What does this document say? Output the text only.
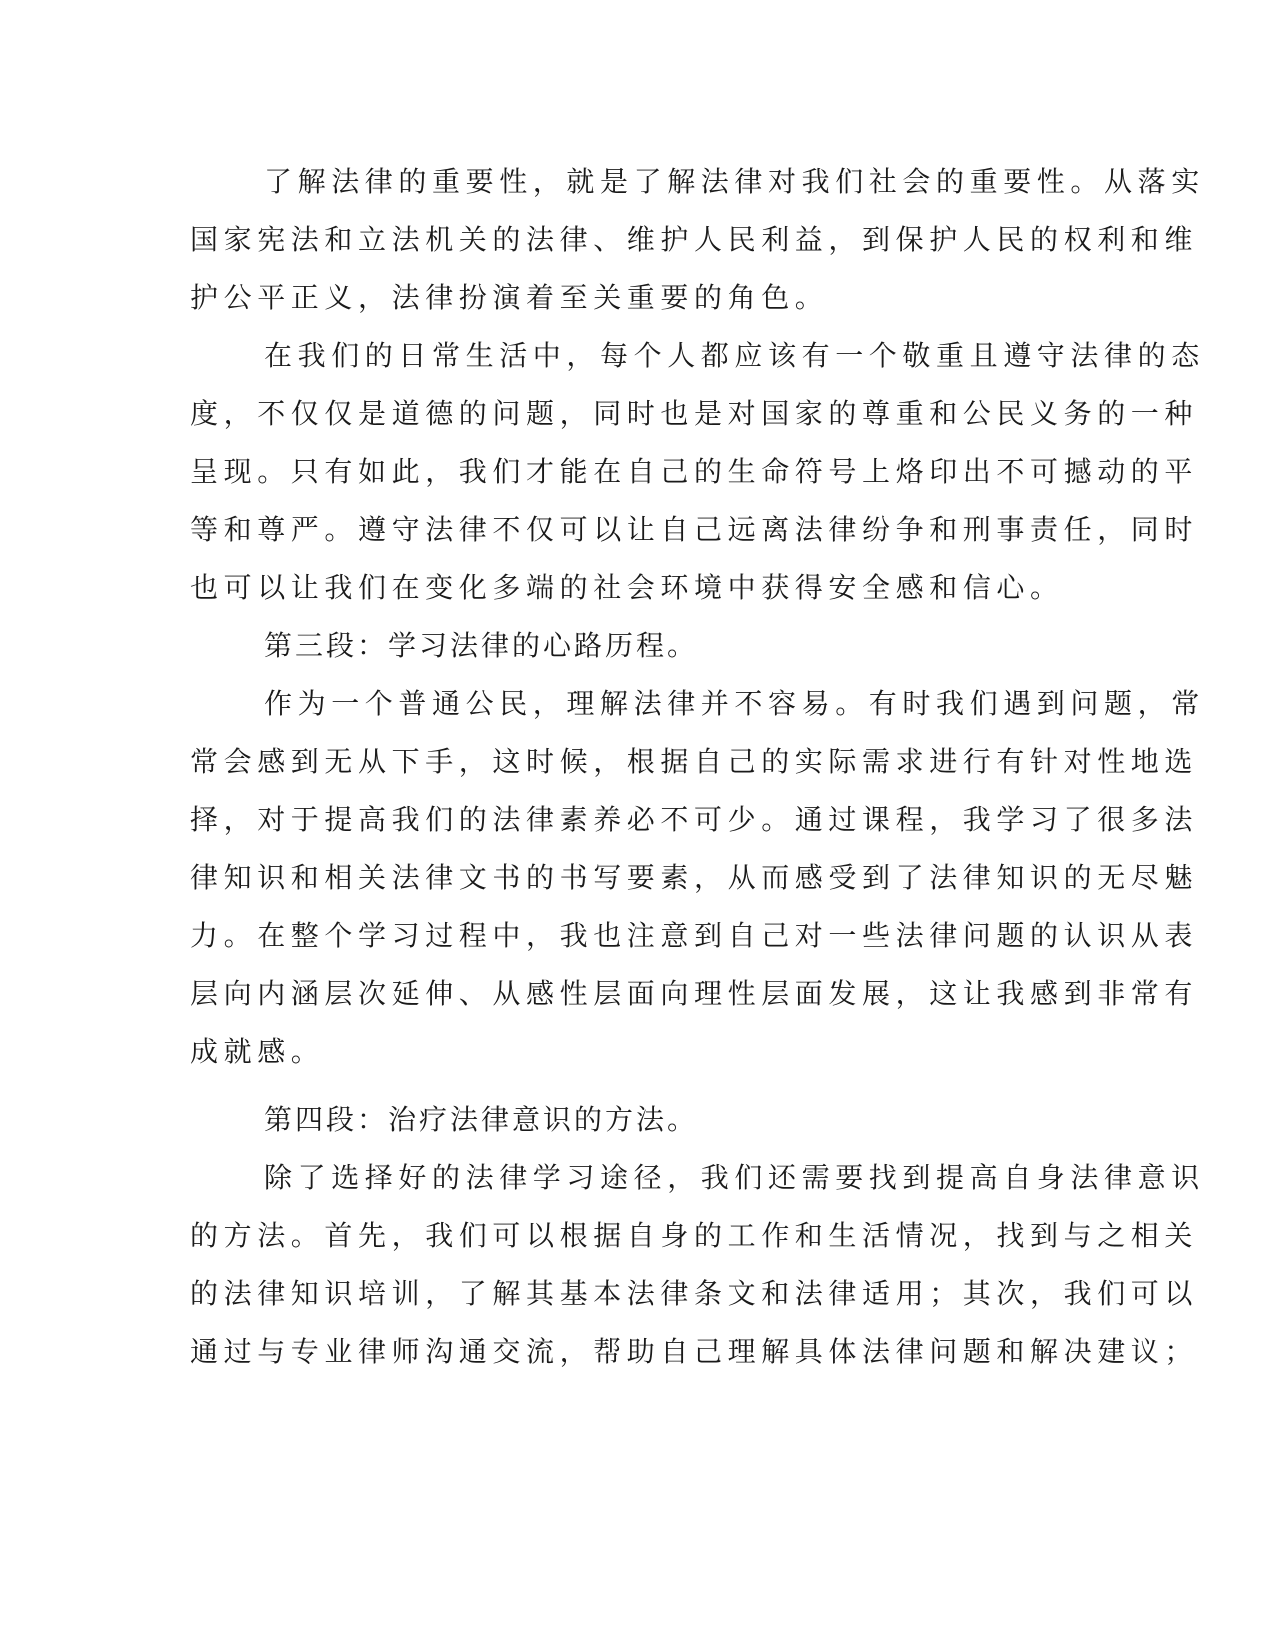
了解法律的重要性，就是了解法律对我们社会的重要性。从落实
国家宪法和立法机关的法律、维护人民利益，到保护人民的权利和维
护公平正义，法律扮演着至关重要的角色。
在我们的日常生活中，每个人都应该有一个敬重且遵守法律的态
度，不仅仅是道德的问题，同时也是对国家的尊重和公民义务的一种
呈现。只有如此，我们才能在自己的生命符号上烙印出不可撼动的平
等和尊严。遵守法律不仅可以让自己远离法律纷争和刑事责任，同时
也可以让我们在变化多端的社会环境中获得安全感和信心。
第三段：学习法律的心路历程。
作为一个普通公民，理解法律并不容易。有时我们遇到问题，常
常会感到无从下手，这时候，根据自己的实际需求进行有针对性地选
择，对于提高我们的法律素养必不可少。通过课程，我学习了很多法
律知识和相关法律文书的书写要素，从而感受到了法律知识的无尽魅
力。在整个学习过程中，我也注意到自己对一些法律问题的认识从表
层向内涵层次延伸、从感性层面向理性层面发展，这让我感到非常有
成就感。
第四段：治疗法律意识的方法。
除了选择好的法律学习途径，我们还需要找到提高自身法律意识
的方法。首先，我们可以根据自身的工作和生活情况，找到与之相关
的法律知识培训，了解其基本法律条文和法律适用；其次，我们可以
通过与专业律师沟通交流，帮助自己理解具体法律问题和解决建议；
